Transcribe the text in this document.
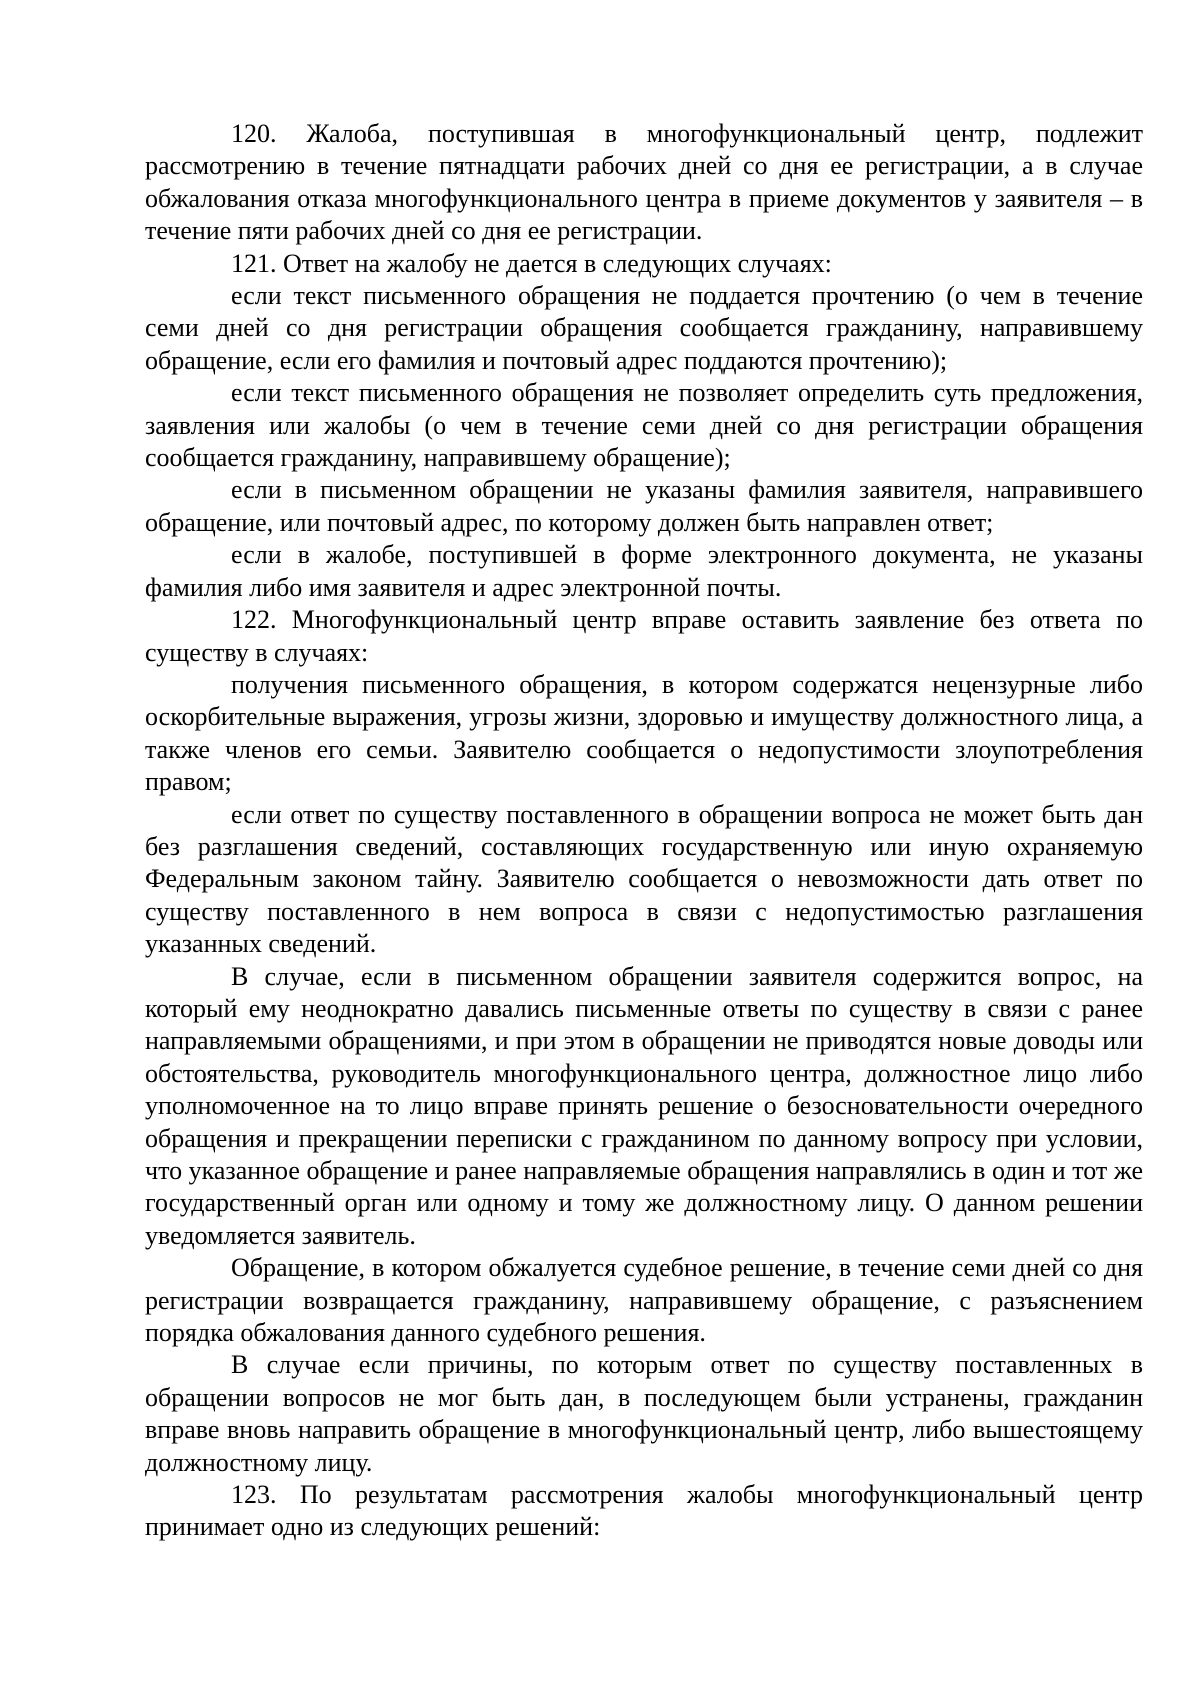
120. Жалоба, поступившая в многофункциональный центр, подлежит рассмотрению в течение пятнадцати рабочих дней со дня ее регистрации, а в случае обжалования отказа многофункционального центра в приеме документов у заявителя – в течение пяти рабочих дней со дня ее регистрации.

121. Ответ на жалобу не дается в следующих случаях:

если текст письменного обращения не поддается прочтению (о чем в течение семи дней со дня регистрации обращения сообщается гражданину, направившему обращение, если его фамилия и почтовый адрес поддаются прочтению);

если текст письменного обращения не позволяет определить суть предложения, заявления или жалобы (о чем в течение семи дней со дня регистрации обращения сообщается гражданину, направившему обращение);

если в письменном обращении не указаны фамилия заявителя, направившего обращение, или почтовый адрес, по которому должен быть направлен ответ;

если в жалобе, поступившей в форме электронного документа, не указаны фамилия либо имя заявителя и адрес электронной почты.

122. Многофункциональный центр вправе оставить заявление без ответа по существу в случаях:

получения письменного обращения, в котором содержатся нецензурные либо оскорбительные выражения, угрозы жизни, здоровью и имуществу должностного лица, а также членов его семьи. Заявителю сообщается о недопустимости злоупотребления правом;

если ответ по существу поставленного в обращении вопроса не может быть дан без разглашения сведений, составляющих государственную или иную охраняемую Федеральным законом тайну. Заявителю сообщается о невозможности дать ответ по существу поставленного в нем вопроса в связи с недопустимостью разглашения указанных сведений.

В случае, если в письменном обращении заявителя содержится вопрос, на который ему неоднократно давались письменные ответы по существу в связи с ранее направляемыми обращениями, и при этом в обращении не приводятся новые доводы или обстоятельства, руководитель многофункционального центра, должностное лицо либо уполномоченное на то лицо вправе принять решение о безосновательности очередного обращения и прекращении переписки с гражданином по данному вопросу при условии, что указанное обращение и ранее направляемые обращения направлялись в один и тот же государственный орган или одному и тому же должностному лицу. О данном решении уведомляется заявитель.

Обращение, в котором обжалуется судебное решение, в течение семи дней со дня регистрации возвращается гражданину, направившему обращение, с разъяснением порядка обжалования данного судебного решения.

В случае если причины, по которым ответ по существу поставленных в обращении вопросов не мог быть дан, в последующем были устранены, гражданин вправе вновь направить обращение в многофункциональный центр, либо вышестоящему должностному лицу.

123. По результатам рассмотрения жалобы многофункциональный центр принимает одно из следующих решений:
